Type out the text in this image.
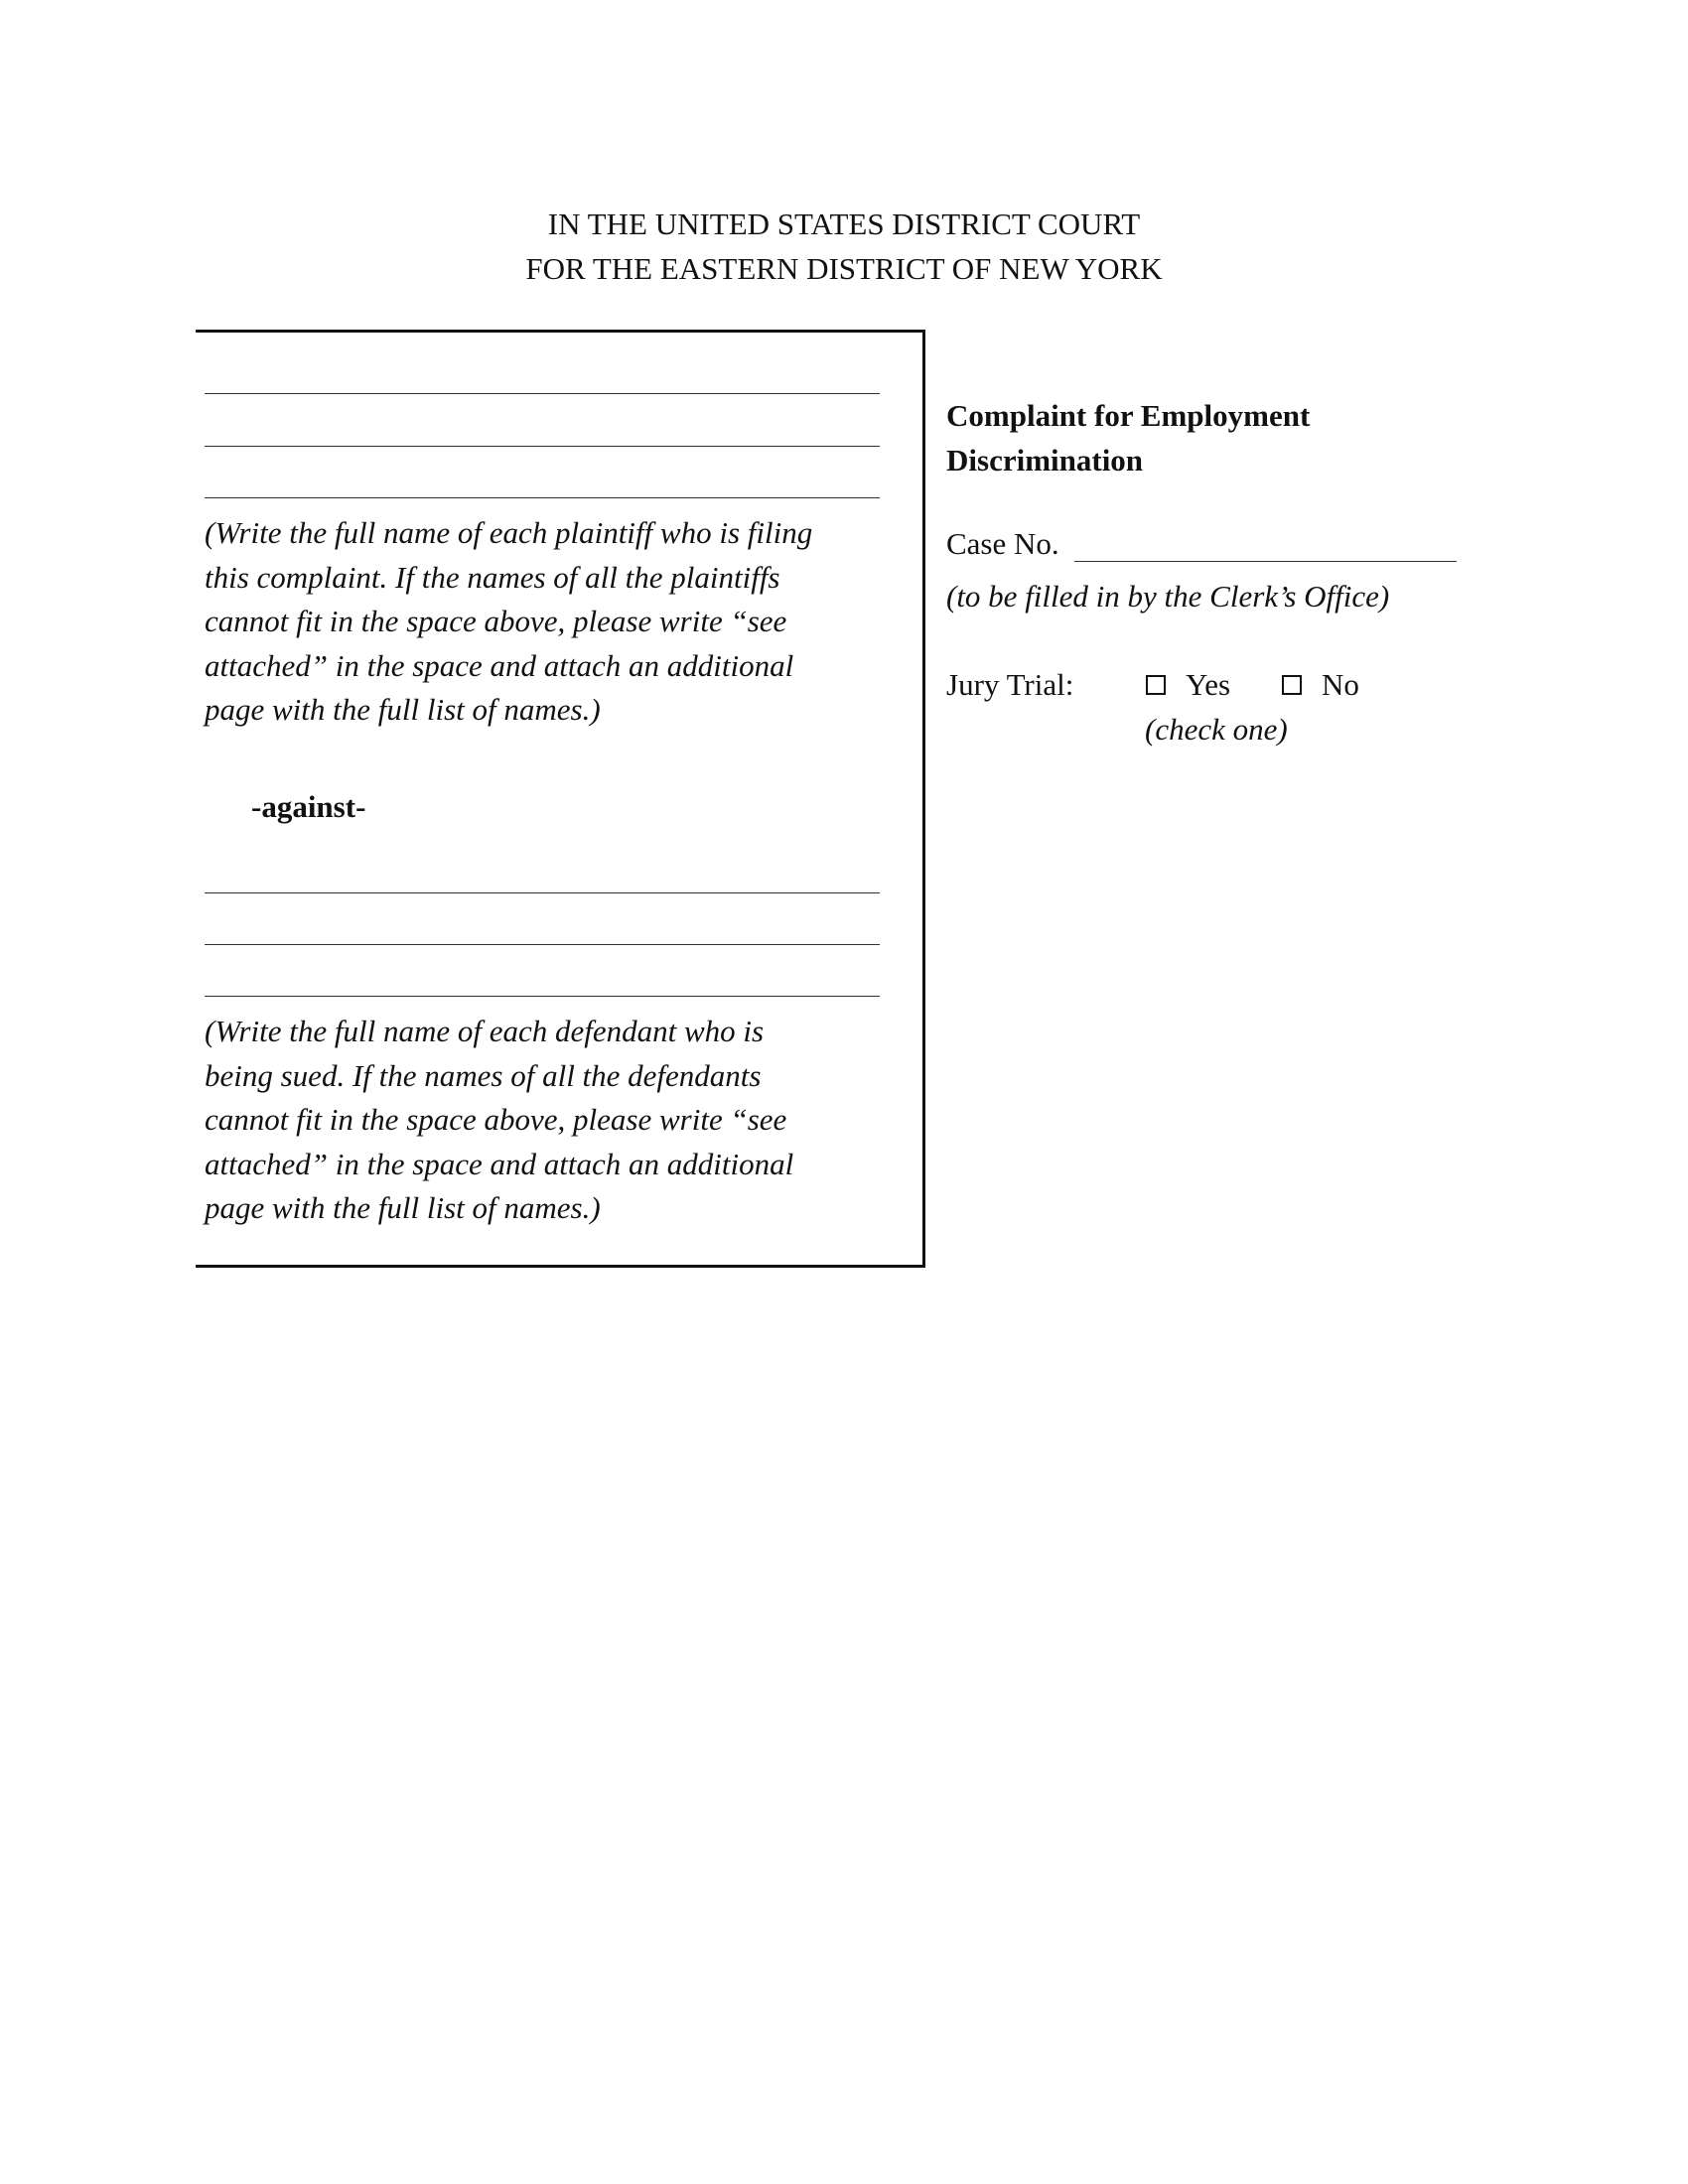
IN THE UNITED STATES DISTRICT COURT
FOR THE EASTERN DISTRICT OF NEW YORK
(Write the full name of each plaintiff who is filing
this complaint. If the names of all the plaintiffs
cannot fit in the space above, please write “see
attached” in the space and attach an additional
page with the full list of names.)
-against-
(Write the full name of each defendant who is
being sued. If the names of all the defendants
cannot fit in the space above, please write “see
attached” in the space and attach an additional
page with the full list of names.)
Complaint for Employment
Discrimination
Case No.
(to be filled in by the Clerk’s Office)
Jury Trial:	Yes	No
(check one)
